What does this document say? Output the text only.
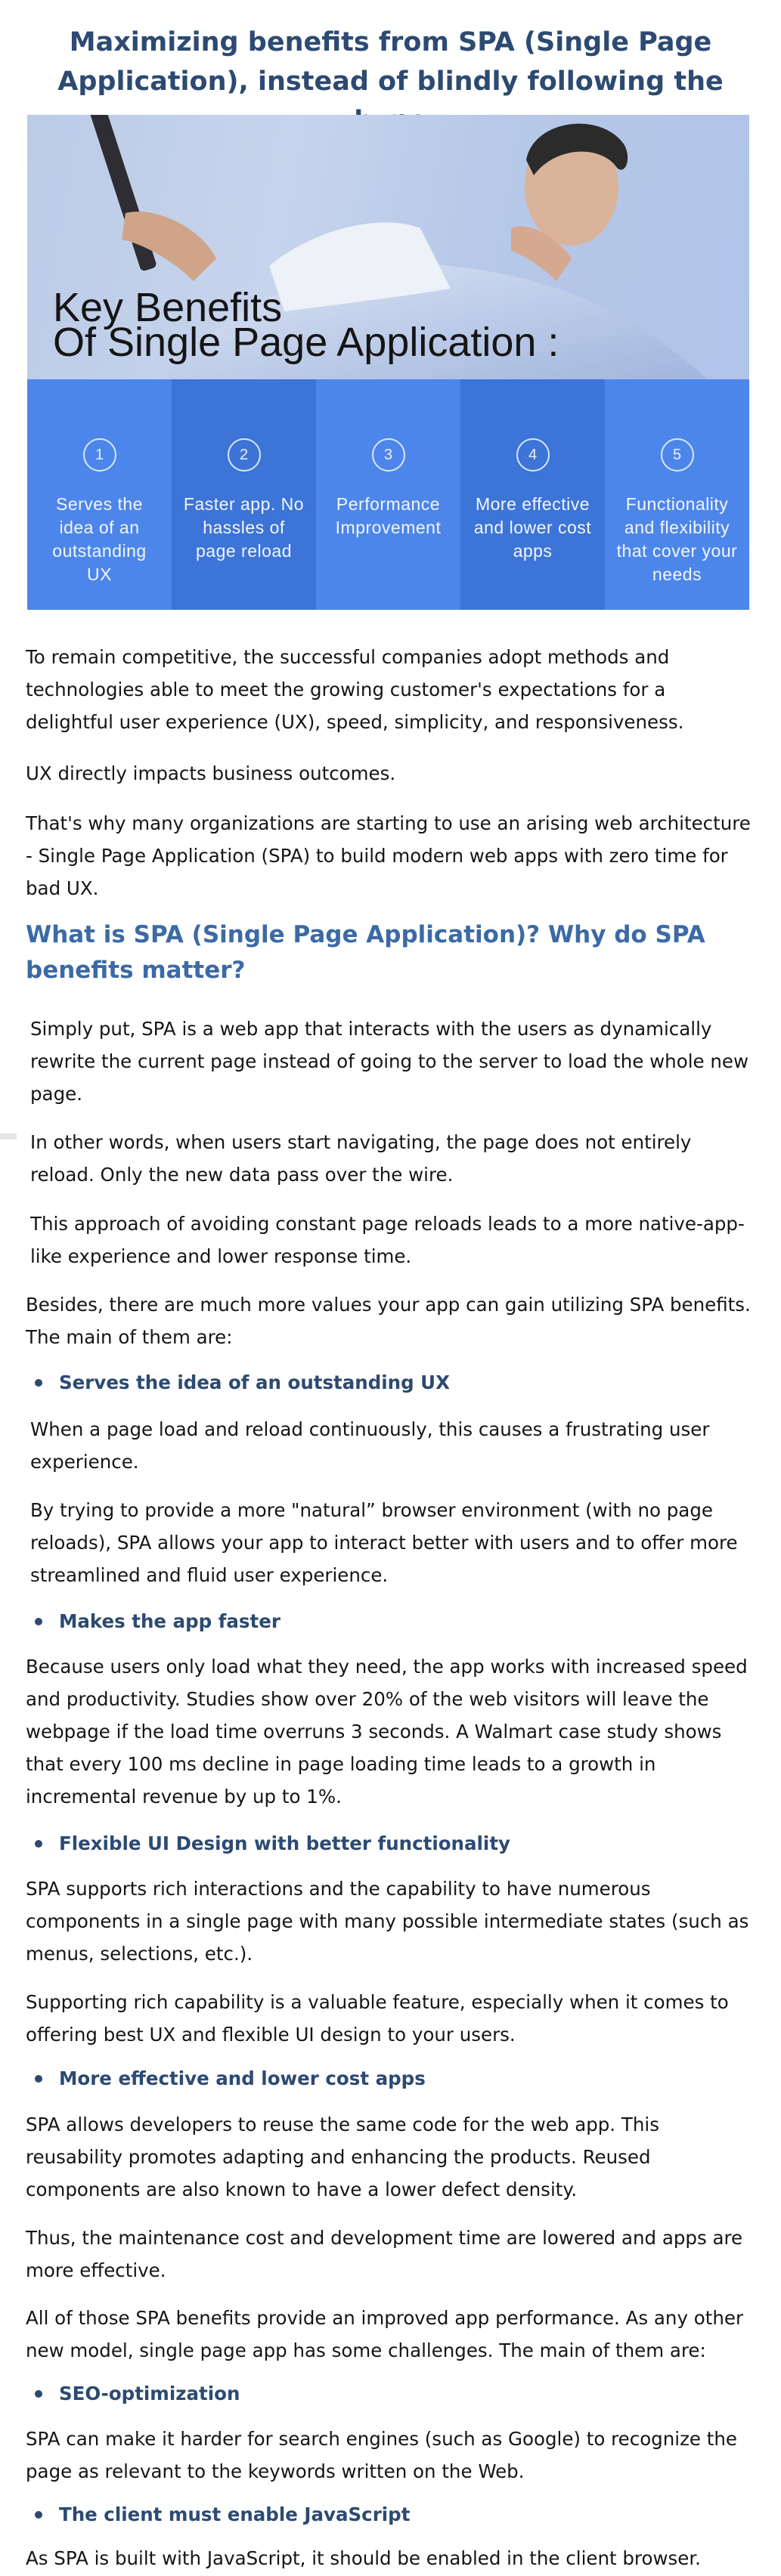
Maximizing benefits from SPA (Single Page Application), instead of blindly following the
Key Benefits
Of Single Page Application :
1
Serves the idea of an outstanding UX
2
Faster app. No hassles of page reload
3
Performance Improvement
4
More effective and lower cost apps
5
Functionality and flexibility that cover your needs

To remain competitive, the successful companies adopt methods and technologies able to meet the growing customer's expectations for a delightful user experience (UX), speed, simplicity, and responsiveness.

UX directly impacts business outcomes.

That's why many organizations are starting to use an arising web architecture - Single Page Application (SPA) to build modern web apps with zero time for bad UX.

What is SPA (Single Page Application)? Why do SPA benefits matter?

Simply put, SPA is a web app that interacts with the users as dynamically rewrite the current page instead of going to the server to load the whole new page.

In other words, when users start navigating, the page does not entirely reload. Only the new data pass over the wire.

This approach of avoiding constant page reloads leads to a more native-app-like experience and lower response time.

Besides, there are much more values your app can gain utilizing SPA benefits. The main of them are:

Serves the idea of an outstanding UX

When a page load and reload continuously, this causes a frustrating user experience.

By trying to provide a more "natural” browser environment (with no page reloads), SPA allows your app to interact better with users and to offer more streamlined and fluid user experience.

Makes the app faster

Because users only load what they need, the app works with increased speed and productivity. Studies show over 20% of the web visitors will leave the webpage if the load time overruns 3 seconds. A Walmart case study shows that every 100 ms decline in page loading time leads to a growth in incremental revenue by up to 1%.

Flexible UI Design with better functionality

SPA supports rich interactions and the capability to have numerous components in a single page with many possible intermediate states (such as menus, selections, etc.).

Supporting rich capability is a valuable feature, especially when it comes to offering best UX and flexible UI design to your users.

More effective and lower cost apps

SPA allows developers to reuse the same code for the web app. This reusability promotes adapting and enhancing the products. Reused components are also known to have a lower defect density.

Thus, the maintenance cost and development time are lowered and apps are more effective.

All of those SPA benefits provide an improved app performance. As any other new model, single page app has some challenges. The main of them are:

SEO-optimization

SPA can make it harder for search engines (such as Google) to recognize the page as relevant to the keywords written on the Web.

The client must enable JavaScript

As SPA is built with JavaScript, it should be enabled in the client browser.
